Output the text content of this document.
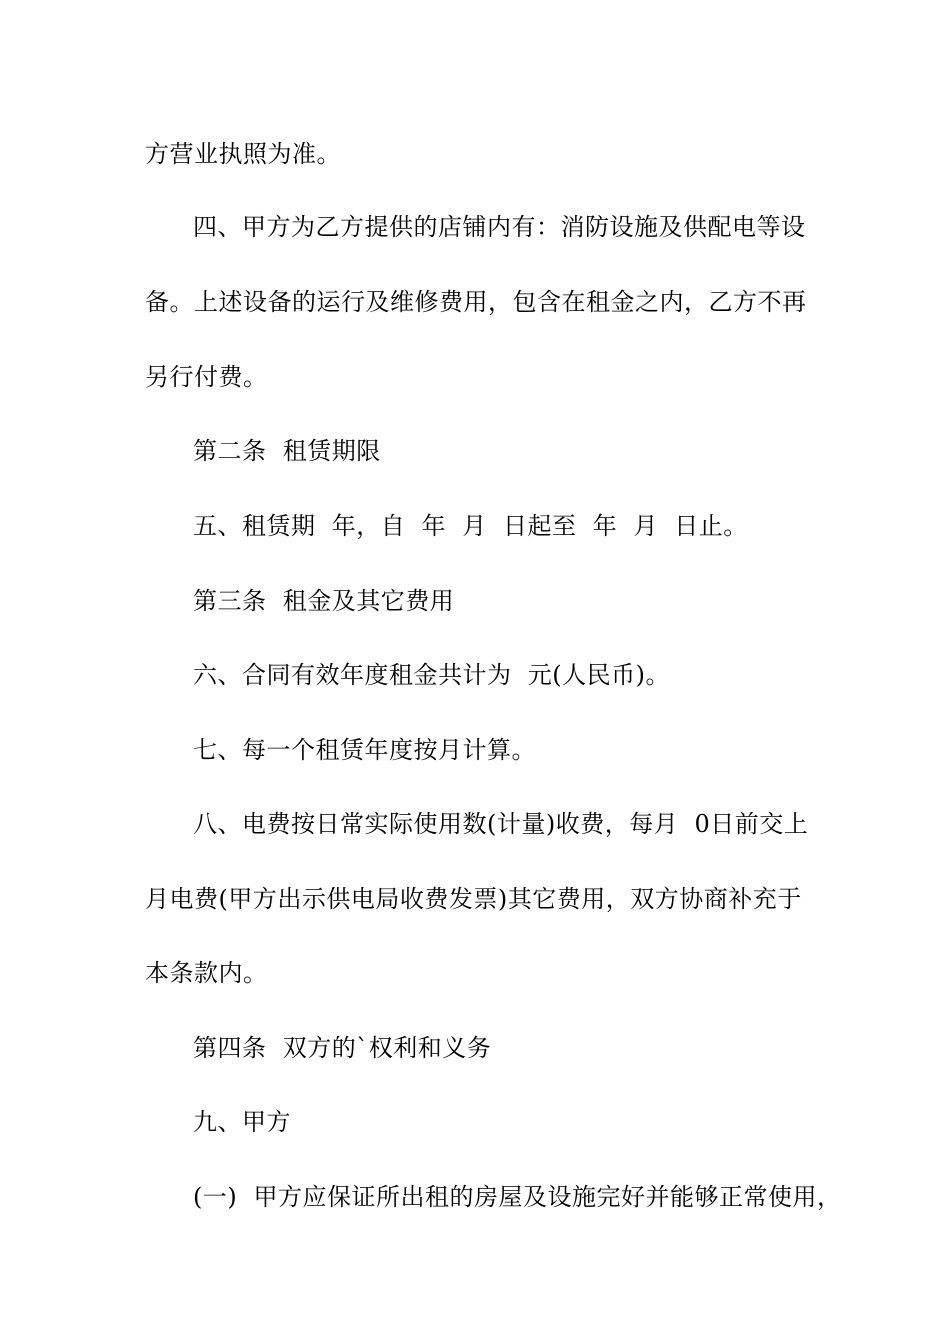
方营业执照为准。
四、甲方为乙方提供的店铺内有：消防设施及供配电等设
备。上述设备的运行及维修费用，包含在租金之内，乙方不再
另行付费。
第二条  租赁期限
五、租赁期  年，自  年  月  日起至  年  月  日止。
第三条  租金及其它费用
六、合同有效年度租金共计为  元(人民币)。
七、每一个租赁年度按月计算。
八、电费按日常实际使用数(计量)收费，每月  0日前交上
月电费(甲方出示供电局收费发票)其它费用，双方协商补充于
本条款内。
第四条  双方的`权利和义务
九、甲方
(一)  甲方应保证所出租的房屋及设施完好并能够正常使用，
